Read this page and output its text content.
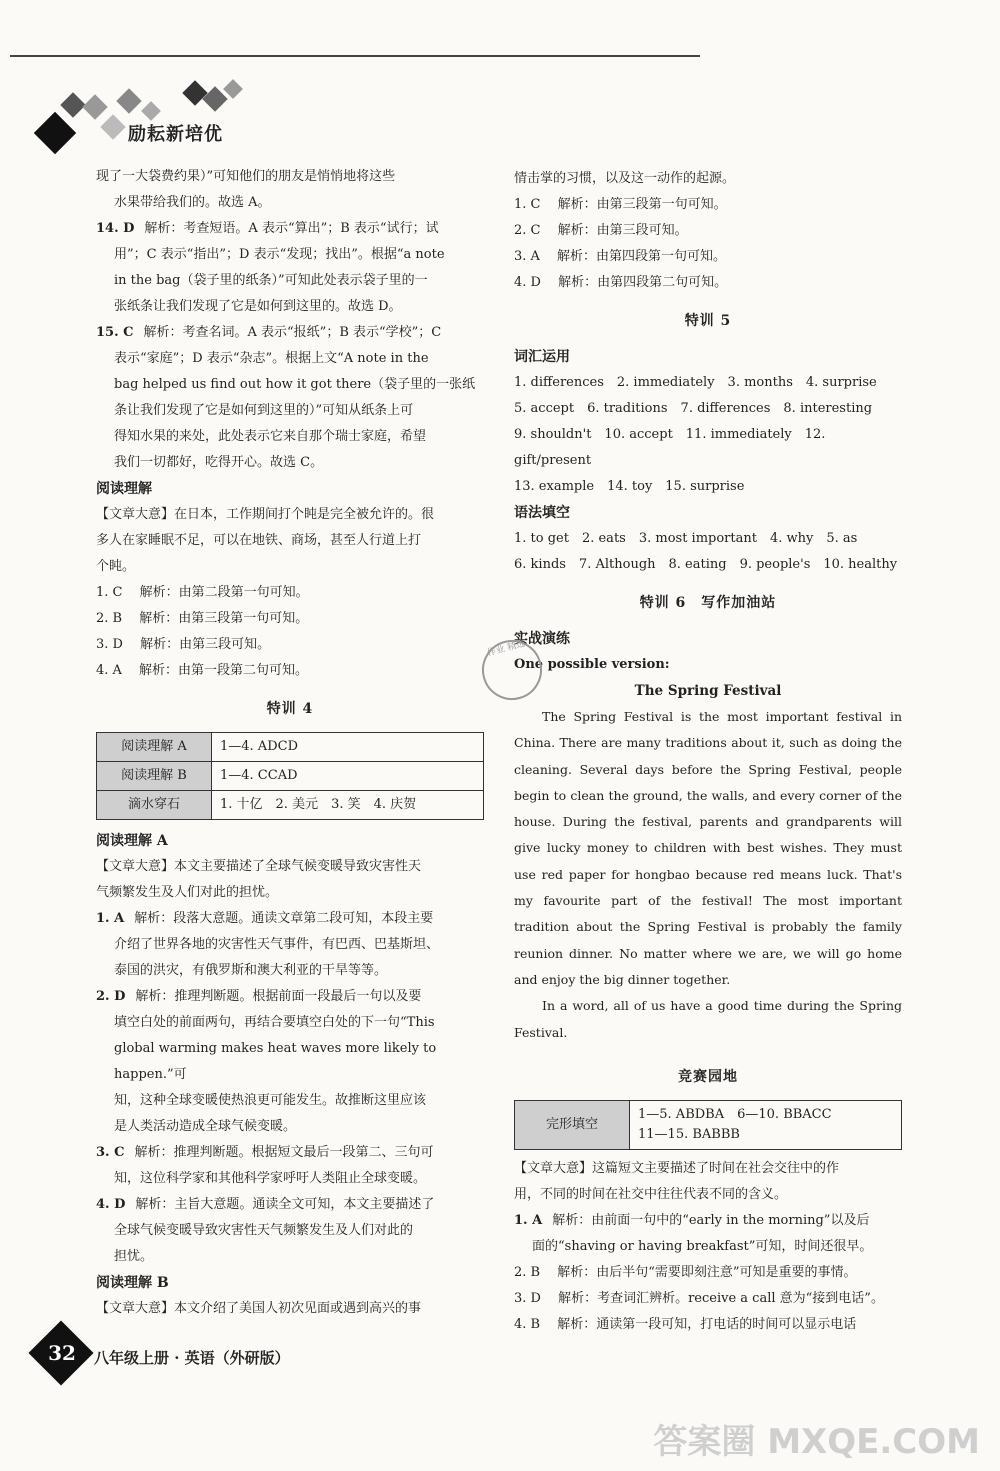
励耘新培优

现了一大袋费约果）”可知他们的朋友是悄悄地将这些

水果带给我们的。故选 A。

14. D 解析：考查短语。A 表示“算出”；B 表示“试行；试

用”；C 表示“指出”；D 表示“发现；找出”。根据“a note

in the bag（袋子里的纸条）”可知此处表示袋子里的一

张纸条让我们发现了它是如何到这里的。故选 D。

15. C 解析：考查名词。A 表示“报纸”；B 表示“学校”；C

表示“家庭”；D 表示“杂志”。根据上文“A note in the

bag helped us find out how it got there（袋子里的一张纸

条让我们发现了它是如何到这里的）”可知从纸条上可

得知水果的来处，此处表示它来自那个瑞士家庭，希望

我们一切都好，吃得开心。故选 C。

阅读理解

【文章大意】在日本，工作期间打个盹是完全被允许的。很

多人在家睡眠不足，可以在地铁、商场，甚至人行道上打

个盹。

1. C　 解析：由第二段第一句可知。

2. B　 解析：由第三段第一句可知。

3. D　 解析：由第三段可知。

4. A　 解析：由第一段第二句可知。

特训 4
阅读理解 A	1—4. ADCD
阅读理解 B	1—4. CCAD
滴水穿石	1. 十亿　2. 美元　3. 笑　4. 庆贺

阅读理解 A

【文章大意】本文主要描述了全球气候变暖导致灾害性天

气频繁发生及人们对此的担忧。

1. A 解析：段落大意题。通读文章第二段可知，本段主要

介绍了世界各地的灾害性天气事件，有巴西、巴基斯坦、

泰国的洪灾，有俄罗斯和澳大利亚的干旱等等。

2. D 解析：推理判断题。根据前面一段最后一句以及要

填空白处的前面两句，再结合要填空白处的下一句“This

global warming makes heat waves more likely to happen.”可

知，这种全球变暖使热浪更可能发生。故推断这里应该

是人类活动造成全球气候变暖。

3. C 解析：推理判断题。根据短文最后一段第二、三句可

知，这位科学家和其他科学家呼吁人类阻止全球变暖。

4. D 解析：主旨大意题。通读全文可知，本文主要描述了

全球气候变暖导致灾害性天气频繁发生及人们对此的

担忧。

阅读理解 B

【文章大意】本文介绍了美国人初次见面或遇到高兴的事

情击掌的习惯，以及这一动作的起源。

1. C　 解析：由第三段第一句可知。

2. C　 解析：由第三段可知。

3. A　 解析：由第四段第一句可知。

4. D　 解析：由第四段第二句可知。

特训 5

词汇运用

1. differences　2. immediately　3. months　4. surprise

5. accept　6. traditions　7. differences　8. interesting

9. shouldn't　10. accept　11. immediately　12. gift/present

13. example　14. toy　15. surprise

语法填空

1. to get　2. eats　3. most important　4. why　5. as

6. kinds　7. Although　8. eating　9. people's　10. healthy

特训 6　写作加油站

实战演练

One possible version:

The Spring Festival

The Spring Festival is the most important festival in China. There are many traditions about it, such as doing the cleaning. Several days before the Spring Festival, people begin to clean the ground, the walls, and every corner of the house. During the festival, parents and grandparents will give lucky money to children with best wishes. They must use red paper for hongbao because red means luck. That's my favourite part of the festival! The most important tradition about the Spring Festival is probably the family reunion dinner. No matter where we are, we will go home and enjoy the big dinner together.

In a word, all of us have a good time during the Spring Festival.

竞赛园地
完形填空	
1—5. ABDBA　6—10. BBACC
11—15. BABBB

【文章大意】这篇短文主要描述了时间在社会交往中的作

用，不同的时间在社交中往往代表不同的含义。

1. A 解析：由前面一句中的“early in the morning”以及后

面的“shaving or having breakfast”可知，时间还很早。

2. B　 解析：由后半句“需要即刻注意”可知是重要的事情。

3. D　 解析：考查词汇辨析。receive a call 意为“接到电话”。

4. B　 解析：通读第一段可知，打电话的时间可以显示电话

作业 精选
32	八年级上册 · 英语（外研版）
答案圈 MXQE.COM
